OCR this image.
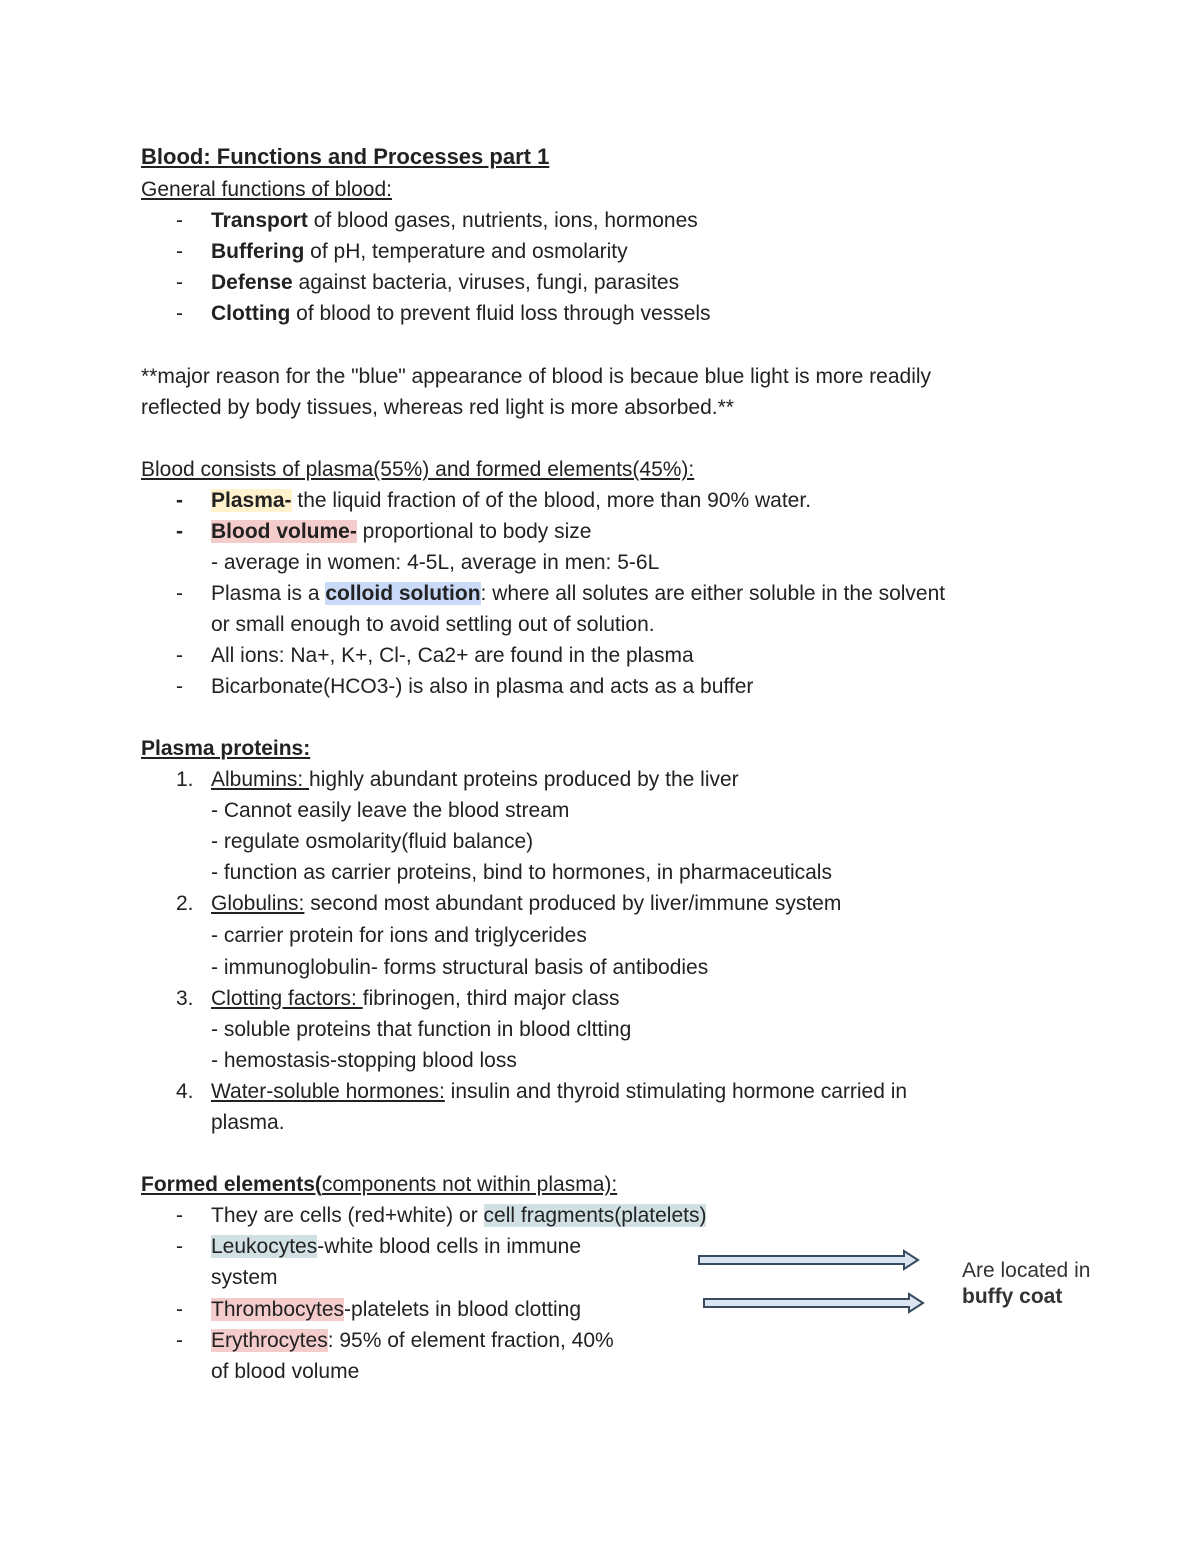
Blood: Functions and Processes part 1
General functions of blood:
- Transport of blood gases, nutrients, ions, hormones
- Buffering of pH, temperature and osmolarity
- Defense against bacteria, viruses, fungi, parasites
- Clotting of blood to prevent fluid loss through vessels
**major reason for the "blue" appearance of blood is becaue blue light is more readily
reflected by body tissues, whereas red light is more absorbed.**
Blood consists of plasma(55%) and formed elements(45%):
- Plasma- the liquid fraction of of the blood, more than 90% water.
- Blood volume- proportional to body size
- average in women: 4-5L, average in men: 5-6L
- Plasma is a colloid solution: where all solutes are either soluble in the solvent
or small enough to avoid settling out of solution.
- All ions: Na+, K+, Cl-, Ca2+ are found in the plasma
- Bicarbonate(HCO3-) is also in plasma and acts as a buffer
Plasma proteins:
1. Albumins: highly abundant proteins produced by the liver
- Cannot easily leave the blood stream
- regulate osmolarity(fluid balance)
- function as carrier proteins, bind to hormones, in pharmaceuticals
2. Globulins: second most abundant produced by liver/immune system
- carrier protein for ions and triglycerides
- immunoglobulin- forms structural basis of antibodies
3. Clotting factors: fibrinogen, third major class
- soluble proteins that function in blood cltting
- hemostasis-stopping blood loss
4. Water-soluble hormones: insulin and thyroid stimulating hormone carried in
plasma.
Formed elements(components not within plasma):
- They are cells (red+white) or cell fragments(platelets)
- Leukocytes-white blood cells in immune
system
- Thrombocytes-platelets in blood clotting
- Erythrocytes: 95% of element fraction, 40%
of blood volume
Are located in
buffy coat
